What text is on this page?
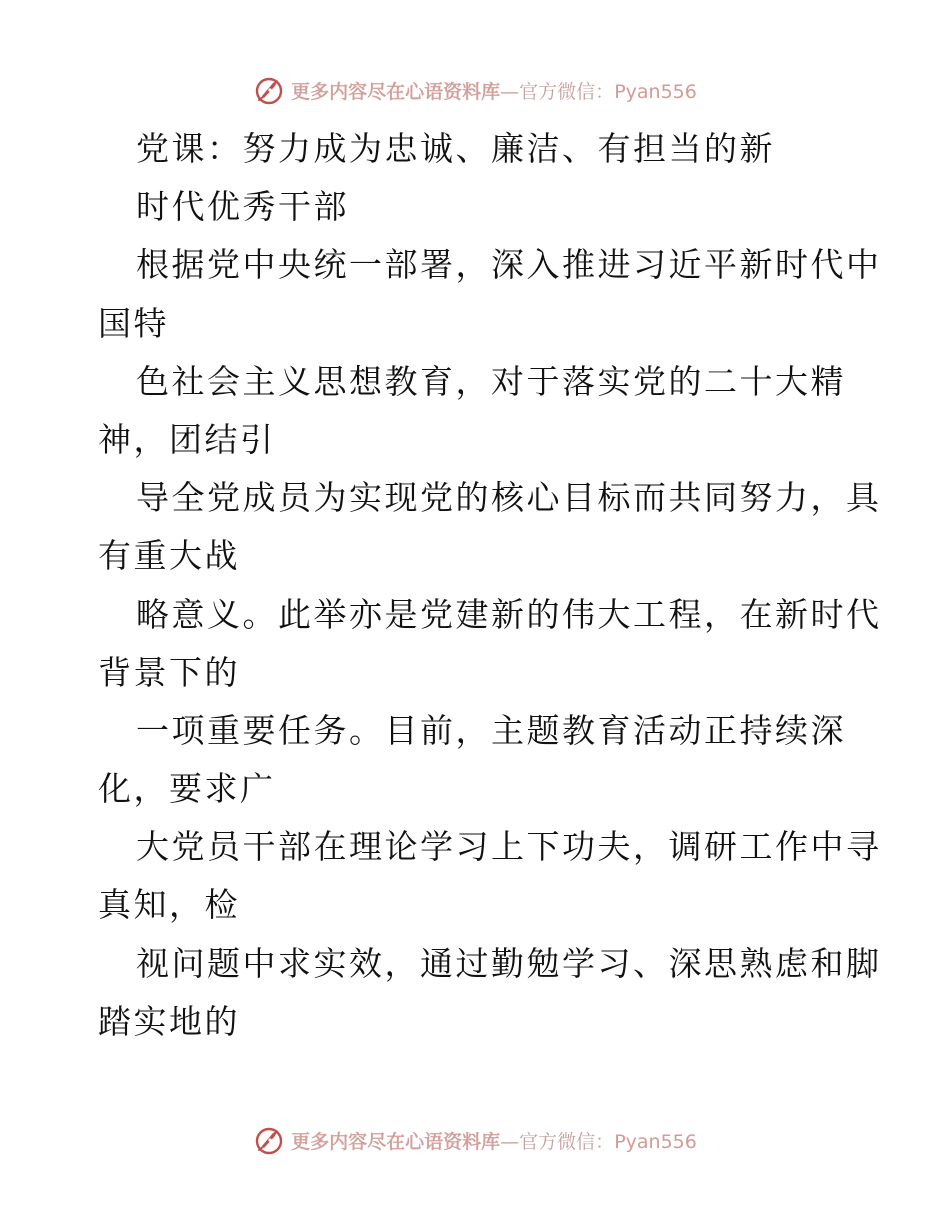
更多内容尽在心语资料库—官方微信：Pyan556
党课：努力成为忠诚、廉洁、有担当的新
时代优秀干部
根据党中央统一部署，深入推进习近平新时代中
国特
色社会主义思想教育，对于落实党的二十大精
神，团结引
导全党成员为实现党的核心目标而共同努力，具
有重大战
略意义。此举亦是党建新的伟大工程，在新时代
背景下的
一项重要任务。目前，主题教育活动正持续深
化，要求广
大党员干部在理论学习上下功夫，调研工作中寻
真知，检
视问题中求实效，通过勤勉学习、深思熟虑和脚
踏实地的
更多内容尽在心语资料库—官方微信：Pyan556
